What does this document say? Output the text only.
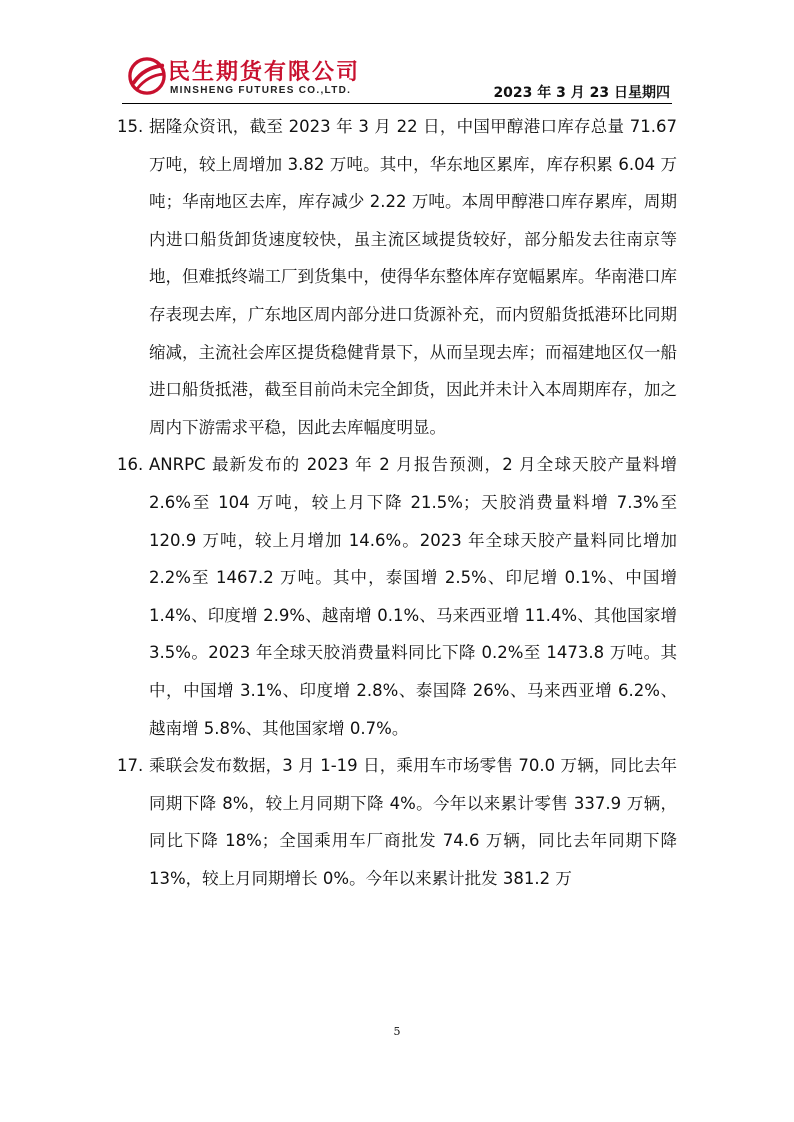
民生期货有限公司
MINSHENG FUTURES CO.,LTD.	2023 年 3 月 23 日星期四
15. 据隆众资讯，截至 2023 年 3 月 22 日，中国甲醇港口库存总量 71.67 万吨，较上周增加 3.82 万吨。其中，华东地区累库，库存积累 6.04 万吨；华南地区去库，库存减少 2.22 万吨。本周甲醇港口库存累库，周期内进口船货卸货速度较快，虽主流区域提货较好，部分船发去往南京等地，但难抵终端工厂到货集中，使得华东整体库存宽幅累库。华南港口库存表现去库，广东地区周内部分进口货源补充，而内贸船货抵港环比同期缩减，主流社会库区提货稳健背景下，从而呈现去库；而福建地区仅一船进口船货抵港，截至目前尚未完全卸货，因此并未计入本周期库存，加之周内下游需求平稳，因此去库幅度明显。
16. ANRPC 最新发布的 2023 年 2 月报告预测，2 月全球天胶产量料增 2.6%至 104 万吨，较上月下降 21.5%；天胶消费量料增 7.3%至 120.9 万吨，较上月增加 14.6%。2023 年全球天胶产量料同比增加 2.2%至 1467.2 万吨。其中，泰国增 2.5%、印尼增 0.1%、中国增 1.4%、印度增 2.9%、越南增 0.1%、马来西亚增 11.4%、其他国家增 3.5%。2023 年全球天胶消费量料同比下降 0.2%至 1473.8 万吨。其中，中国增 3.1%、印度增 2.8%、泰国降 26%、马来西亚增 6.2%、越南增 5.8%、其他国家增 0.7%。
17. 乘联会发布数据，3 月 1-19 日，乘用车市场零售 70.0 万辆，同比去年同期下降 8%，较上月同期下降 4%。今年以来累计零售 337.9 万辆，同比下降 18%；全国乘用车厂商批发 74.6 万辆，同比去年同期下降 13%，较上月同期增长 0%。今年以来累计批发 381.2 万
5
